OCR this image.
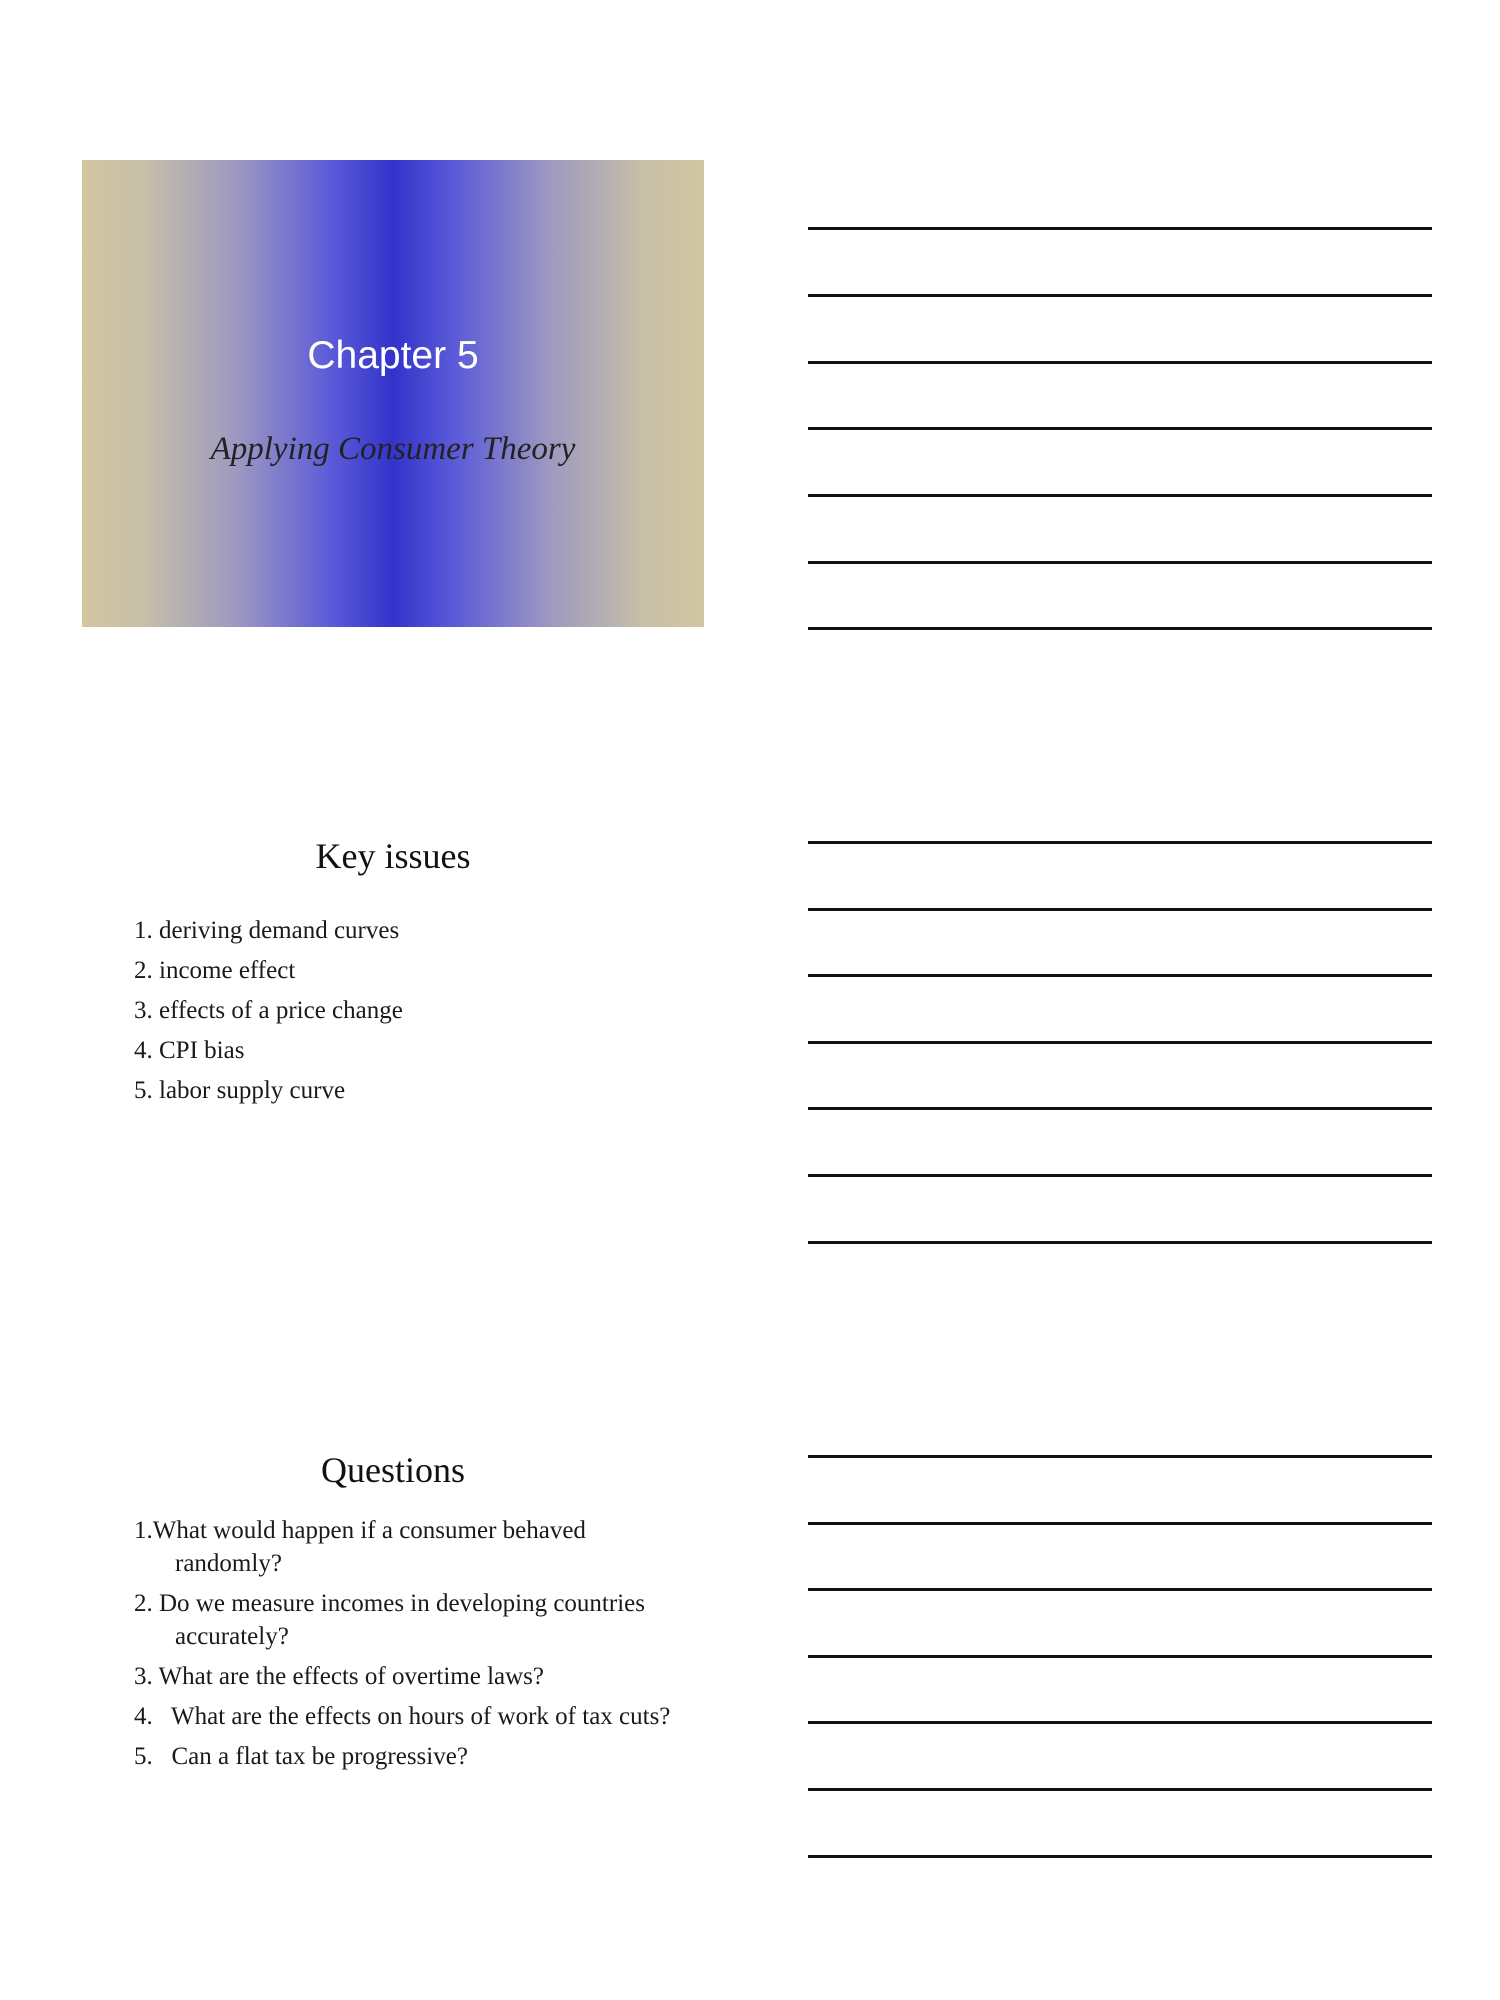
Chapter 5
Applying Consumer Theory
Key issues
1. deriving demand curves
2. income effect
3. effects of a price change
4. CPI bias
5. labor supply curve
Questions
1.What would happen if a consumer behaved randomly?
2. Do we measure incomes in developing countries accurately?
3. What are the effects of overtime laws?
4.   What are the effects on hours of work of tax cuts?
5.   Can a flat tax be progressive?
